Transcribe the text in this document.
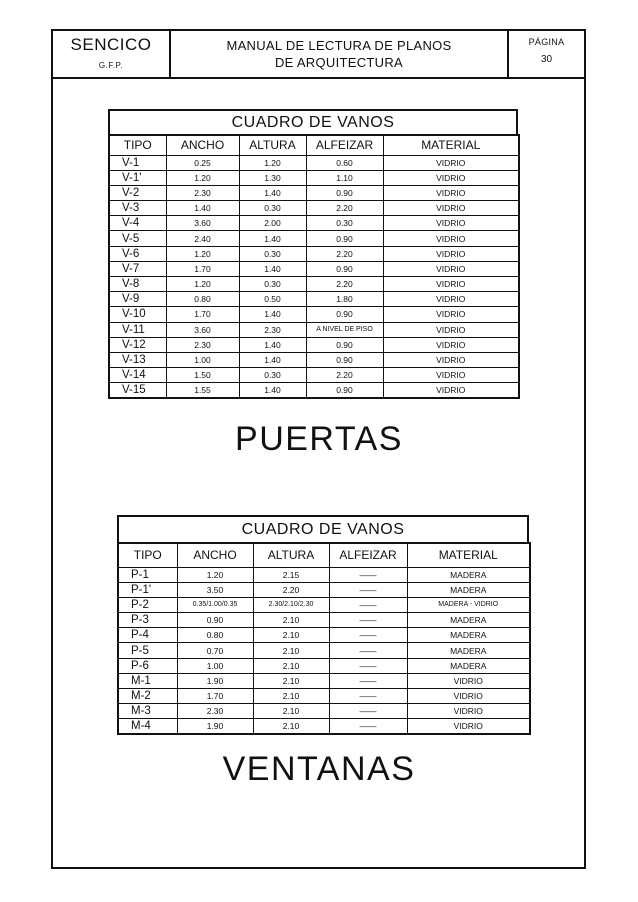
SENCICO
G.F.P.
MANUAL DE LECTURA DE PLANOS
DE ARQUITECTURA
PÁGINA
30
CUADRO DE VANOS
TIPO	ANCHO	ALTURA	ALFEIZAR	MATERIAL
V-1	0.25	1.20	0.60	VIDRIO
V-1'	1.20	1.30	1.10	VIDRIO
V-2	2.30	1.40	0.90	VIDRIO
V-3	1.40	0.30	2.20	VIDRIO
V-4	3.60	2.00	0.30	VIDRIO
V-5	2.40	1.40	0.90	VIDRIO
V-6	1.20	0.30	2.20	VIDRIO
V-7	1.70	1.40	0.90	VIDRIO
V-8	1.20	0.30	2.20	VIDRIO
V-9	0.80	0.50	1.80	VIDRIO
V-10	1.70	1.40	0.90	VIDRIO
V-11	3.60	2.30	A NIVEL DE PISO	VIDRIO
V-12	2.30	1.40	0.90	VIDRIO
V-13	1.00	1.40	0.90	VIDRIO
V-14	1.50	0.30	2.20	VIDRIO
V-15	1.55	1.40	0.90	VIDRIO
PUERTAS
CUADRO DE VANOS
TIPO	ANCHO	ALTURA	ALFEIZAR	MATERIAL
P-1	1.20	2.15	——	MADERA
P-1'	3.50	2.20	——	MADERA
P-2	0.35/1.00/0.35	2.30/2.10/2.30	——	MADERA - VIDRIO
P-3	0.90	2.10	——	MADERA
P-4	0.80	2.10	——	MADERA
P-5	0.70	2.10	——	MADERA
P-6	1.00	2.10	——	MADERA
M-1	1.90	2.10	——	VIDRIO
M-2	1.70	2.10	——	VIDRIO
M-3	2.30	2.10	——	VIDRIO
M-4	1.90	2.10	——	VIDRIO
VENTANAS
